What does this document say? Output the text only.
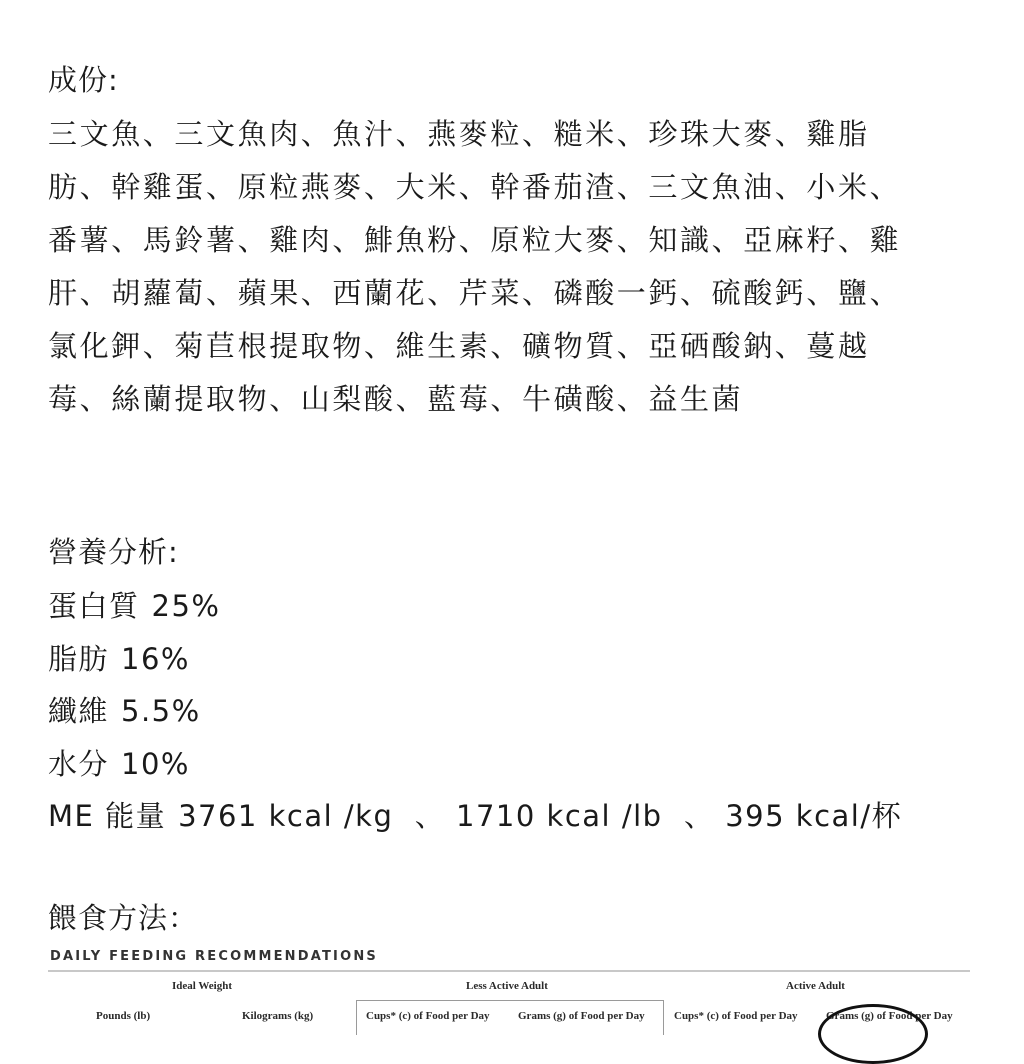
成份:
三文魚、三文魚肉、魚汁、燕麥粒、糙米、珍珠大麥、雞脂
肪、幹雞蛋、原粒燕麥、大米、幹番茄渣、三文魚油、小米、
番薯、馬鈴薯、雞肉、鯡魚粉、原粒大麥、知識、亞麻籽、雞
肝、胡蘿蔔、蘋果、西蘭花、芹菜、磷酸一鈣、硫酸鈣、鹽、
氯化鉀、菊苣根提取物、維生素、礦物質、亞硒酸鈉、蔓越
莓、絲蘭提取物、山梨酸、藍莓、牛磺酸、益生菌
營養分析:
蛋白質 25%
脂肪 16%
纖維 5.5%
水分 10%
ME 能量 3761 kcal /kg  、 1710 kcal /lb  、 395 kcal/杯
餵食方法：
DAILY FEEDING RECOMMENDATIONS
Ideal Weight	Less Active Adult	Active Adult
Pounds (lb)	Kilograms (kg)	Cups* (c) of Food per Day	Grams (g) of Food per Day	Cups* (c) of Food per Day	Grams (g) of Food per Day
